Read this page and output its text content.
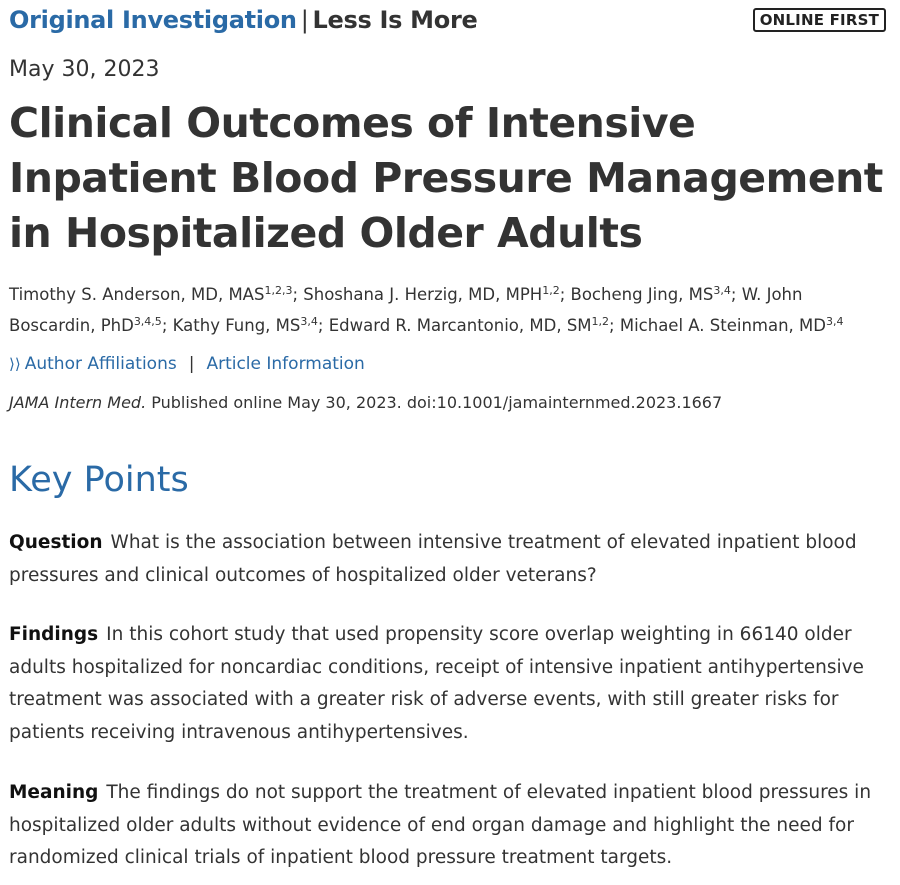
Original Investigation | Less Is More	ONLINE FIRST
May 30, 2023
Clinical Outcomes of Intensive Inpatient Blood Pressure Management in Hospitalized Older Adults
Timothy S. Anderson, MD, MAS$^{1,2,3}$; Shoshana J. Herzig, MD, MPH$^{1,2}$; Bocheng Jing, MS$^{3,4}$; W. John Boscardin, PhD$^{3,4,5}$; Kathy Fung, MS$^{3,4}$; Edward R. Marcantonio, MD, SM$^{1,2}$; Michael A. Steinman, MD$^{3,4}$
⟩⟩ Author Affiliations | Article Information
JAMA Intern Med. Published online May 30, 2023. doi:10.1001/jamainternmed.2023.1667
Key Points

Question What is the association between intensive treatment of elevated inpatient blood pressures and clinical outcomes of hospitalized older veterans?

Findings In this cohort study that used propensity score overlap weighting in 66140 older adults hospitalized for noncardiac conditions, receipt of intensive inpatient antihypertensive treatment was associated with a greater risk of adverse events, with still greater risks for patients receiving intravenous antihypertensives.

Meaning The findings do not support the treatment of elevated inpatient blood pressures in hospitalized older adults without evidence of end organ damage and highlight the need for randomized clinical trials of inpatient blood pressure treatment targets.
